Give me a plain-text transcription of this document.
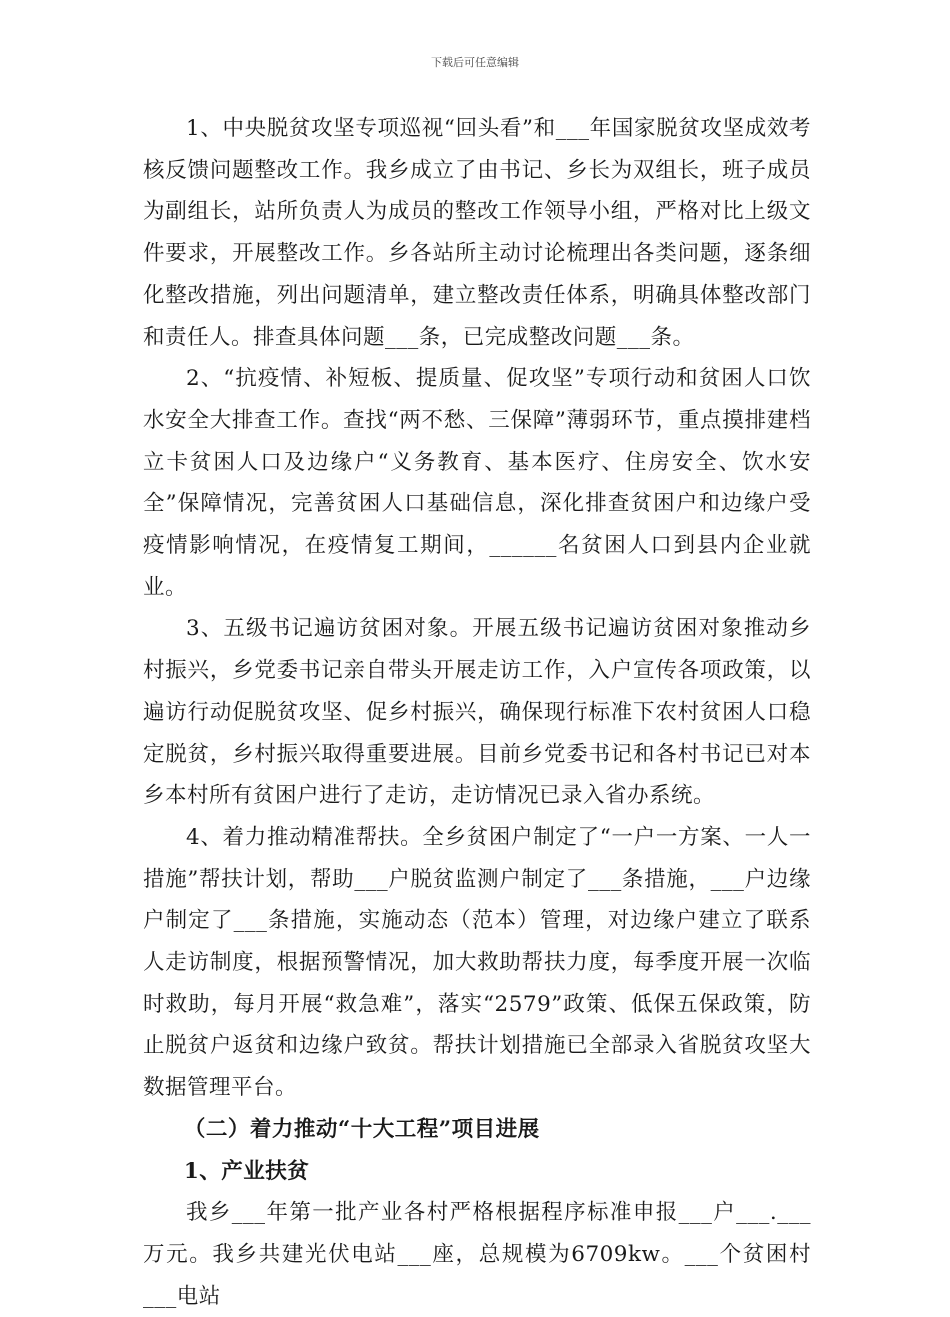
下载后可任意编辑

1、中央脱贫攻坚专项巡视“回头看”和___年国家脱贫攻坚成效考核反馈问题整改工作。我乡成立了由书记、乡长为双组长，班子成员为副组长，站所负责人为成员的整改工作领导小组，严格对比上级文件要求，开展整改工作。乡各站所主动讨论梳理出各类问题，逐条细化整改措施，列出问题清单，建立整改责任体系，明确具体整改部门和责任人。排查具体问题___条，已完成整改问题___条。

2、“抗疫情、补短板、提质量、促攻坚”专项行动和贫困人口饮水安全大排查工作。查找“两不愁、三保障”薄弱环节，重点摸排建档立卡贫困人口及边缘户“义务教育、基本医疗、住房安全、饮水安全”保障情况，完善贫困人口基础信息，深化排查贫困户和边缘户受疫情影响情况，在疫情复工期间，______名贫困人口到县内企业就业。

3、五级书记遍访贫困对象。开展五级书记遍访贫困对象推动乡村振兴，乡党委书记亲自带头开展走访工作，入户宣传各项政策，以遍访行动促脱贫攻坚、促乡村振兴，确保现行标准下农村贫困人口稳定脱贫，乡村振兴取得重要进展。目前乡党委书记和各村书记已对本乡本村所有贫困户进行了走访，走访情况已录入省办系统。

4、着力推动精准帮扶。全乡贫困户制定了“一户一方案、一人一措施”帮扶计划，帮助___户脱贫监测户制定了___条措施，___户边缘户制定了___条措施，实施动态（范本）管理，对边缘户建立了联系人走访制度，根据预警情况，加大救助帮扶力度，每季度开展一次临时救助，每月开展“救急难”，落实“2579”政策、低保五保政策，防止脱贫户返贫和边缘户致贫。帮扶计划措施已全部录入省脱贫攻坚大数据管理平台。

（二）着力推动“十大工程”项目进展

1、产业扶贫

我乡___年第一批产业各村严格根据程序标准申报___户___.___万元。我乡共建光伏电站___座，总规模为6709kw。___个贫困村___电站
